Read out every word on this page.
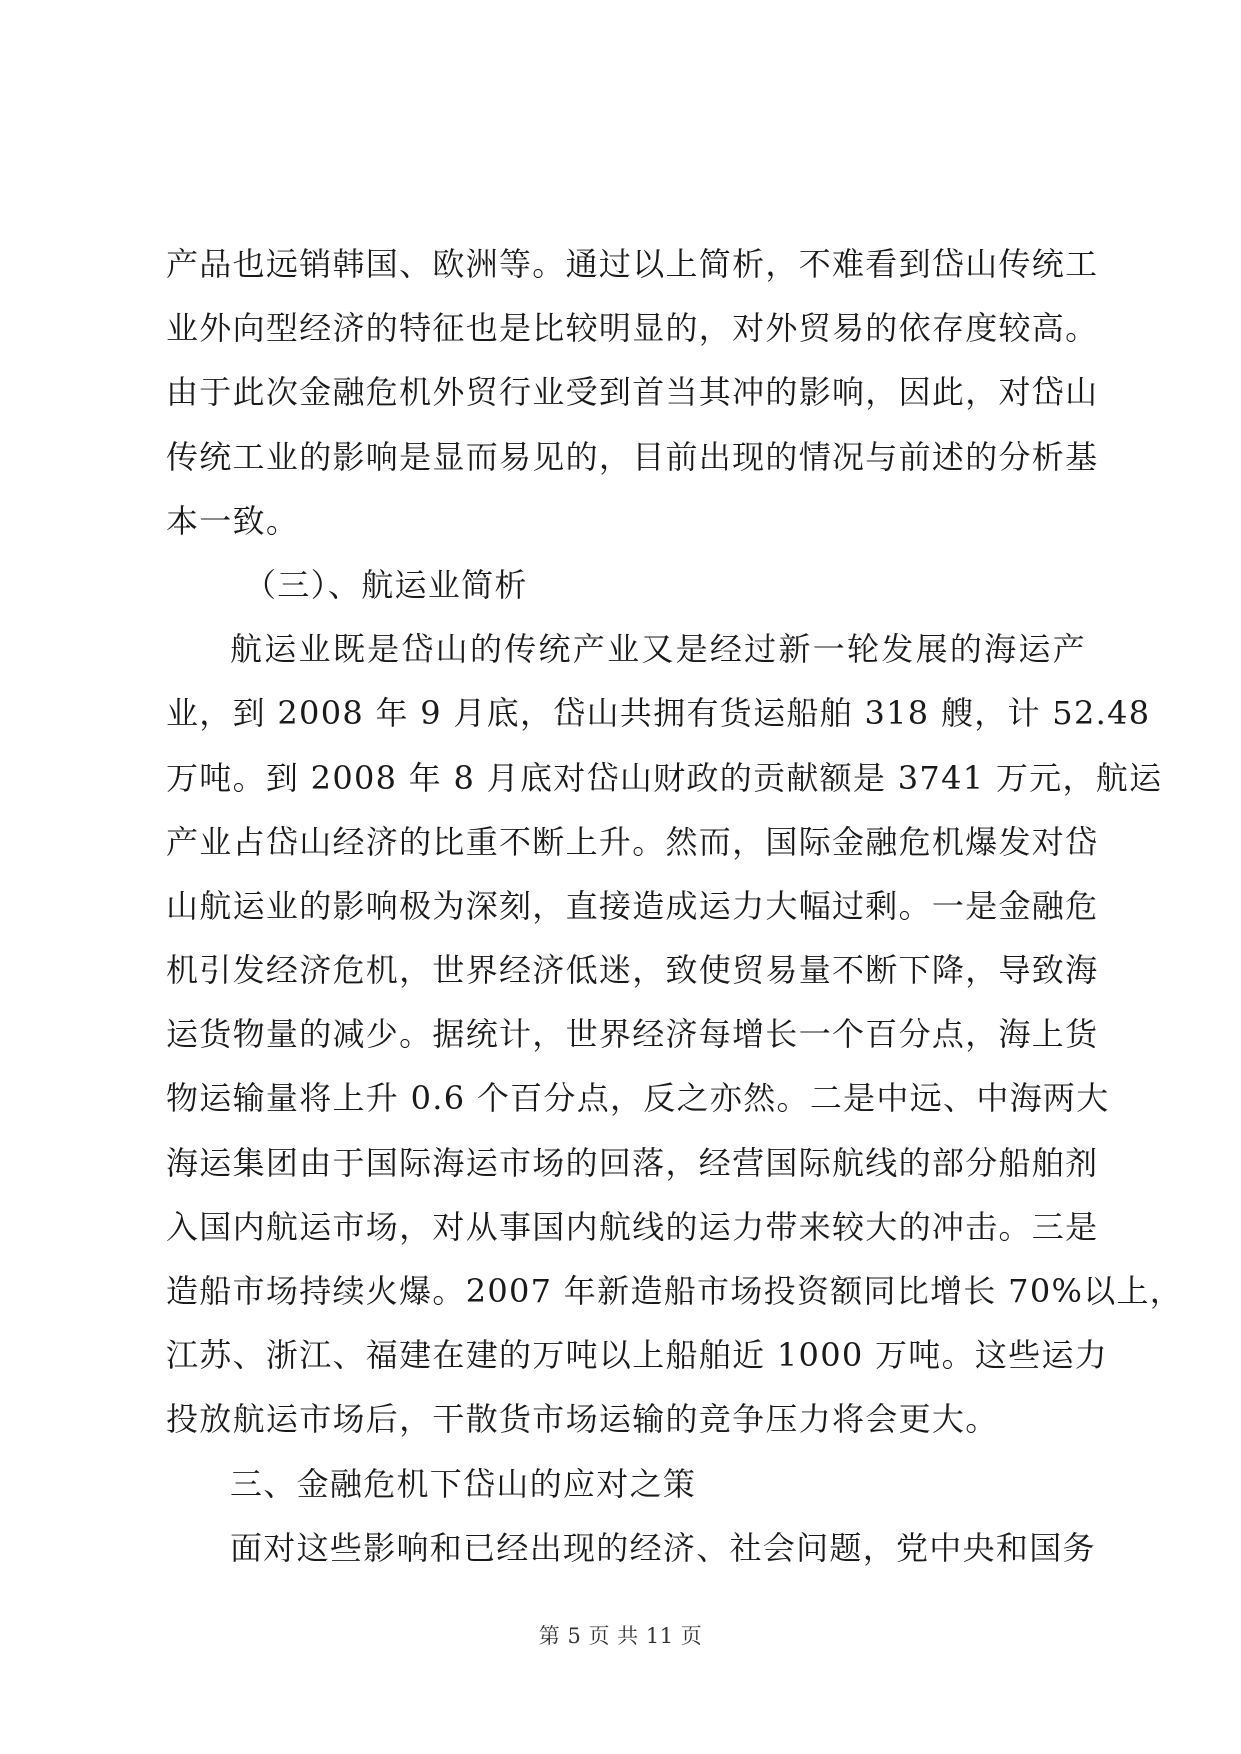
产品也远销韩国、欧洲等。通过以上简析，不难看到岱山传统工
业外向型经济的特征也是比较明显的，对外贸易的依存度较高。
由于此次金融危机外贸行业受到首当其冲的影响，因此，对岱山
传统工业的影响是显而易见的，目前出现的情况与前述的分析基
本一致。
（三）、航运业简析
航运业既是岱山的传统产业又是经过新一轮发展的海运产
业，到 2008 年 9 月底，岱山共拥有货运船舶 318 艘，计 52.48
万吨。到 2008 年 8 月底对岱山财政的贡献额是 3741 万元，航运
产业占岱山经济的比重不断上升。然而，国际金融危机爆发对岱
山航运业的影响极为深刻，直接造成运力大幅过剩。一是金融危
机引发经济危机，世界经济低迷，致使贸易量不断下降，导致海
运货物量的减少。据统计，世界经济每增长一个百分点，海上货
物运输量将上升 0.6 个百分点，反之亦然。二是中远、中海两大
海运集团由于国际海运市场的回落，经营国际航线的部分船舶剂
入国内航运市场，对从事国内航线的运力带来较大的冲击。三是
造船市场持续火爆。2007 年新造船市场投资额同比增长 70%以上，
江苏、浙江、福建在建的万吨以上船舶近 1000 万吨。这些运力
投放航运市场后，干散货市场运输的竞争压力将会更大。
三、金融危机下岱山的应对之策
面对这些影响和已经出现的经济、社会问题，党中央和国务
第 5 页 共 11 页
